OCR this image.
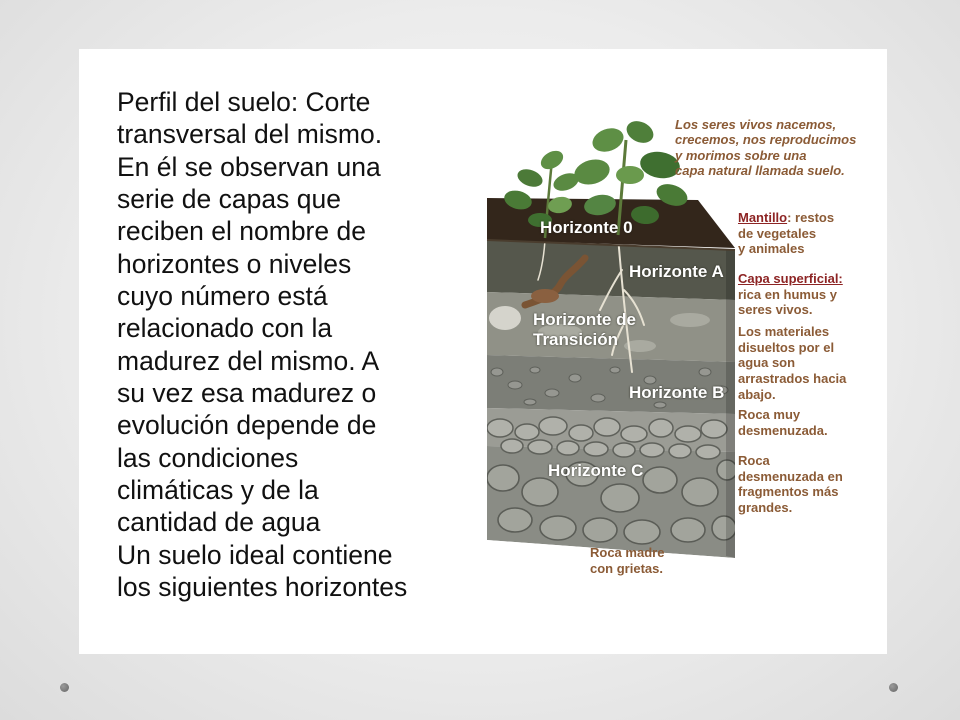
Perfil del suelo: Corte
transversal del mismo.
En él se observan una
serie de capas que
reciben el nombre de
horizontes o niveles
cuyo número está
relacionado con la
madurez del mismo. A
su vez esa madurez o
evolución depende de
las condiciones
climáticas y de la
cantidad de agua
Un suelo ideal contiene
los siguientes horizontes
Horizonte 0
Horizonte A
Horizonte de
Transición
Horizonte B
Horizonte C
Los seres vivos nacemos,
crecemos, nos reproducimos
y morimos sobre una
capa natural llamada suelo.
Mantillo: restos
de vegetales
y animales
Capa superficial:
rica en humus y
seres vivos.
Los materiales
disueltos por el
agua son
arrastrados hacia
abajo.
Roca muy
desmenuzada.
Roca
desmenuzada en
fragmentos más
grandes.
Roca madre
con grietas.
